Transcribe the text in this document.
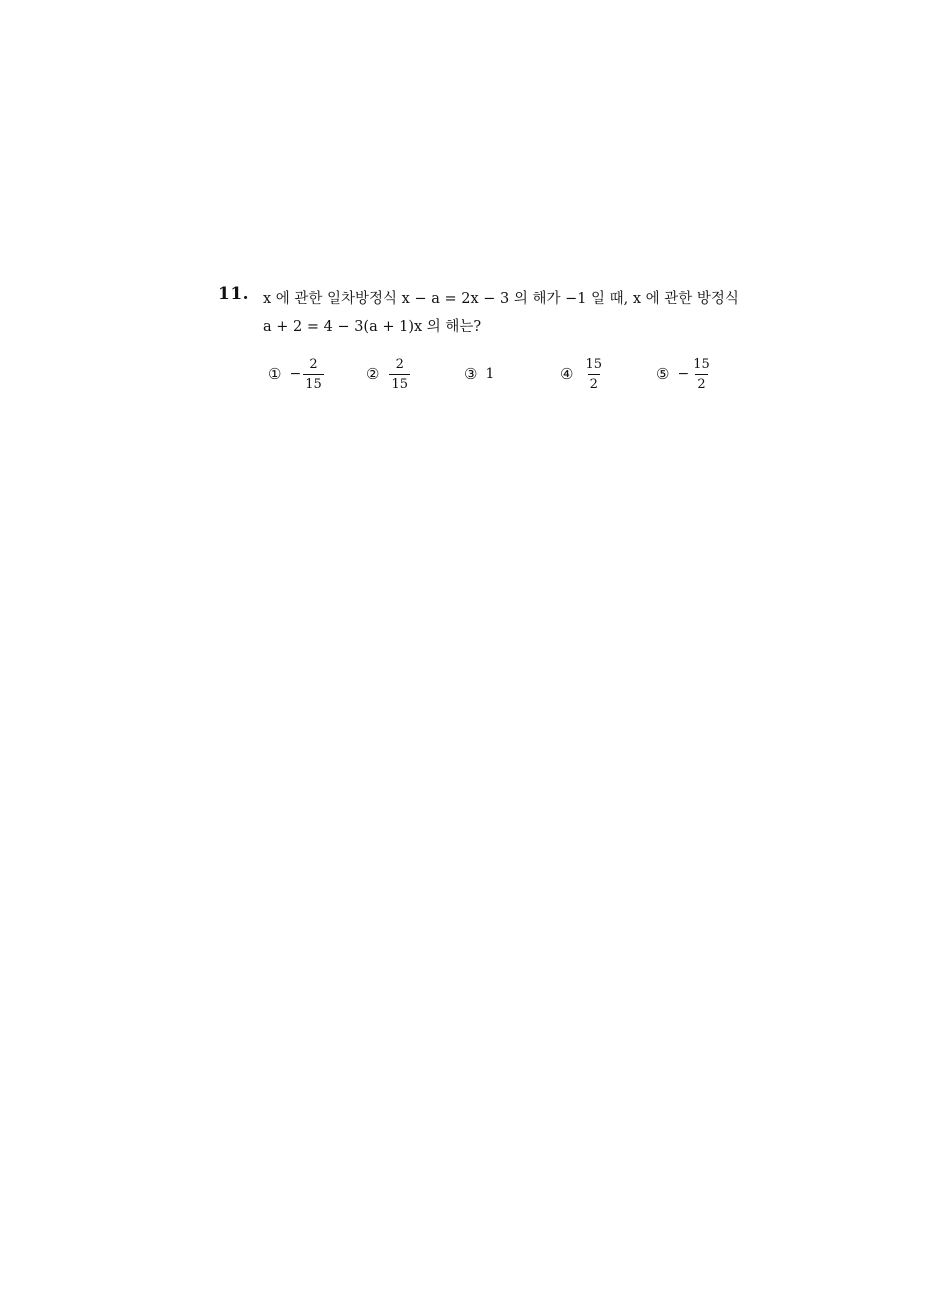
11. x 에 관한 일차방정식 x − a = 2x − 3 의 해가 −1 일 때, x 에 관한 방정식
a + 2 = 4 − 3(a + 1)x 의 해는?
① − $\frac{2}{15}$	② $\frac{2}{15}$	③ 1	④ $\frac{15}{2}$	⑤ − $\frac{15}{2}$
